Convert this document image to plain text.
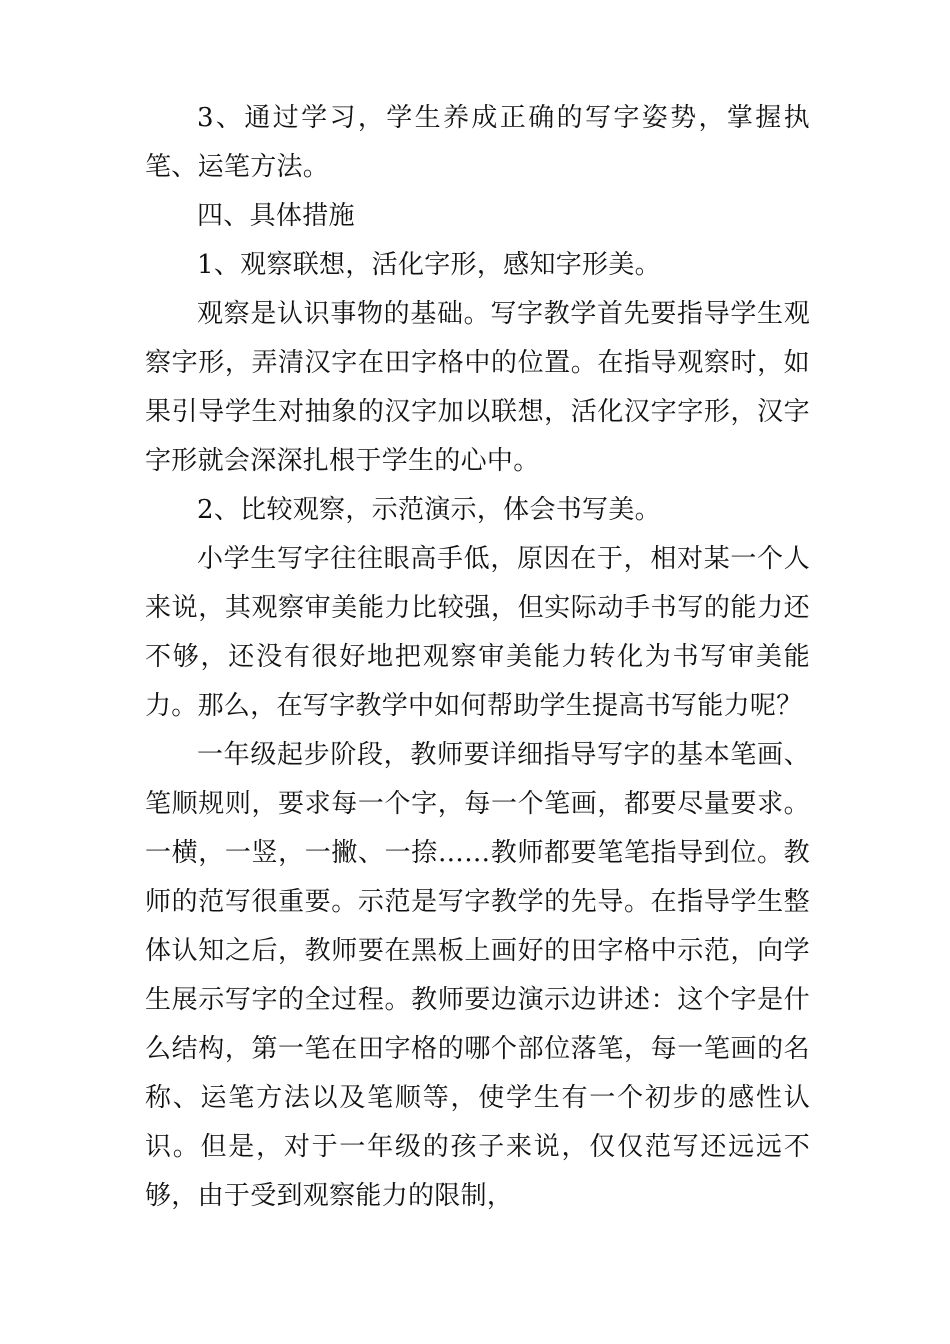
3、通过学习，学生养成正确的写字姿势，掌握执笔、运笔方法。

四、具体措施

1、观察联想，活化字形，感知字形美。

观察是认识事物的基础。写字教学首先要指导学生观察字形，弄清汉字在田字格中的位置。在指导观察时，如果引导学生对抽象的汉字加以联想，活化汉字字形，汉字字形就会深深扎根于学生的心中。

2、比较观察，示范演示，体会书写美。

小学生写字往往眼高手低，原因在于，相对某一个人来说，其观察审美能力比较强，但实际动手书写的能力还不够，还没有很好地把观察审美能力转化为书写审美能力。那么，在写字教学中如何帮助学生提高书写能力呢？

一年级起步阶段，教师要详细指导写字的基本笔画、笔顺规则，要求每一个字，每一个笔画，都要尽量要求。一横，一竖，一撇、一捺……教师都要笔笔指导到位。教师的范写很重要。示范是写字教学的先导。在指导学生整体认知之后，教师要在黑板上画好的田字格中示范，向学生展示写字的全过程。教师要边演示边讲述：这个字是什么结构，第一笔在田字格的哪个部位落笔，每一笔画的名称、运笔方法以及笔顺等，使学生有一个初步的感性认识。但是，对于一年级的孩子来说，仅仅范写还远远不够，由于受到观察能力的限制，
